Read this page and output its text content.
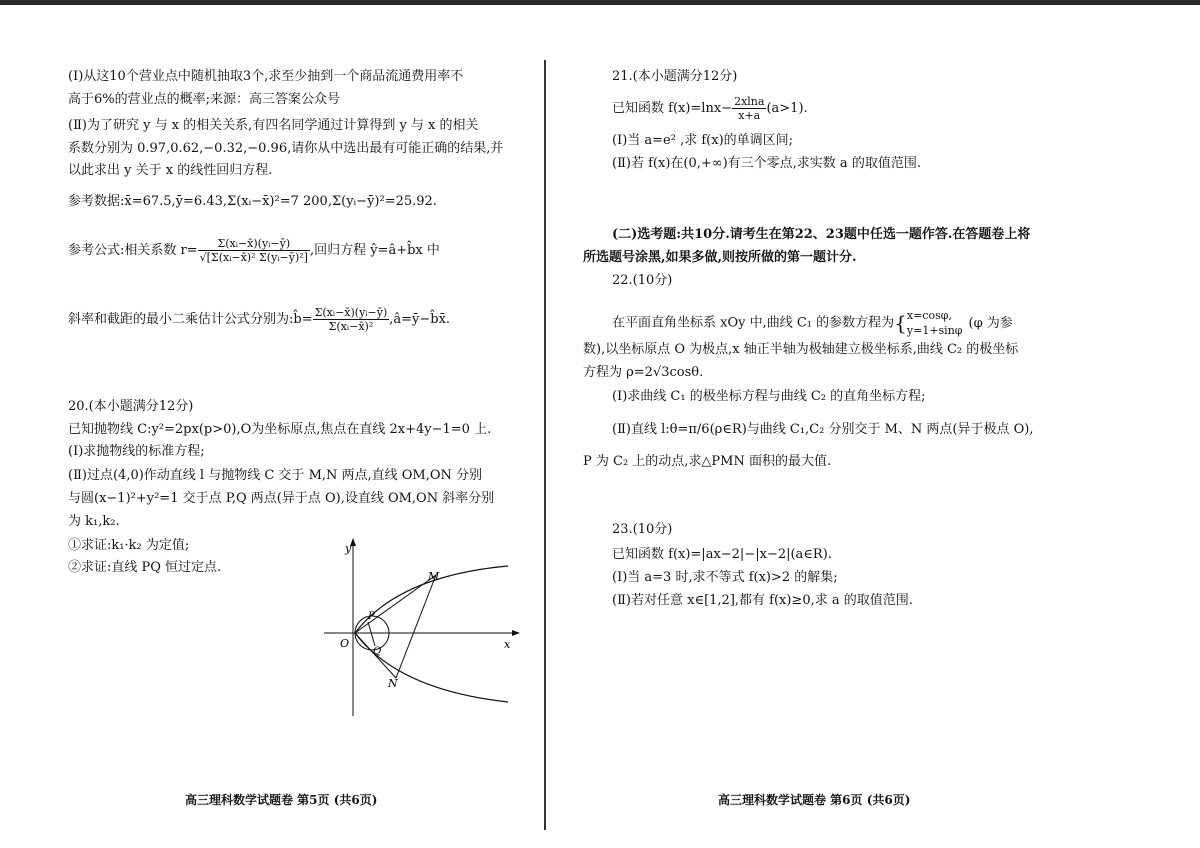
(Ⅰ)从这10个营业点中随机抽取3个,求至少抽到一个商品流通费用率不
高于6%的营业点的概率;来源：高三答案公众号
(Ⅱ)为了研究 y 与 x 的相关关系,有四名同学通过计算得到 y 与 x 的相关
系数分别为 0.97,0.62,−0.32,−0.96,请你从中选出最有可能正确的结果,并
以此求出 y 关于 x 的线性回归方程.
参考数据:x̄=67.5,ȳ=6.43,Σ(xᵢ−x̄)²=7 200,Σ(yᵢ−ȳ)²=25.92.
参考公式:相关系数 $r= \frac{\text{Σ(xᵢ−x̄)(yᵢ−ȳ)}}{\text{√[Σ(xᵢ−x̄)² Σ(yᵢ−ȳ)²]}}$ ,回归方程 ŷ=â+b̂x 中
斜率和截距的最小二乘估计公式分别为:b̂= $\frac{\text{Σ(xᵢ−x̄)(yᵢ−ȳ)}}{\text{Σ(xᵢ−x̄)²}}$ ,â=ȳ−b̂x̄.
20.(本小题满分12分)
已知抛物线 C:y²=2px(p>0),O为坐标原点,焦点在直线 2x+4y−1=0 上.
(Ⅰ)求抛物线的标准方程;
(Ⅱ)过点(4,0)作动直线 l 与抛物线 C 交于 M,N 两点,直线 OM,ON 分别
与圆(x−1)²+y²=1 交于点 P,Q 两点(异于点 O),设直线 OM,ON 斜率分别
为 k₁,k₂.
①求证:k₁·k₂ 为定值;
②求证:直线 PQ 恒过定点.
y
x
O
M
N
P
Q
高三理科数学试题卷 第5页 (共6页)
21.(本小题满分12分)
已知函数 $f(x)=\ln x- \frac{2xlna}{x+a} (a>1)$.
(Ⅰ)当 a=e² ,求 f(x)的单调区间;
(Ⅱ)若 f(x)在(0,+∞)有三个零点,求实数 a 的取值范围.
(二)选考题:共10分.请考生在第22、23题中任选一题作答.在答题卷上将
所选题号涂黑,如果多做,则按所做的第一题计分.
22.(10分)
在平面直角坐标系 xOy 中,曲线 C₁ 的参数方程为{ x=cosφ,
y=1+sinφ (φ 为参
数),以坐标原点 O 为极点,x 轴正半轴为极轴建立极坐标系,曲线 C₂ 的极坐标
方程为 ρ=2√3cosθ.
(Ⅰ)求曲线 C₁ 的极坐标方程与曲线 C₂ 的直角坐标方程;
(Ⅱ)直线 l:θ=π/6(ρ∈R)与曲线 C₁,C₂ 分别交于 M、N 两点(异于极点 O),
P 为 C₂ 上的动点,求△PMN 面积的最大值.
23.(10分)
已知函数 f(x)=|ax−2|−|x−2|(a∈R).
(Ⅰ)当 a=3 时,求不等式 f(x)>2 的解集;
(Ⅱ)若对任意 x∈[1,2],都有 f(x)≥0,求 a 的取值范围.
高三理科数学试题卷 第6页 (共6页)
